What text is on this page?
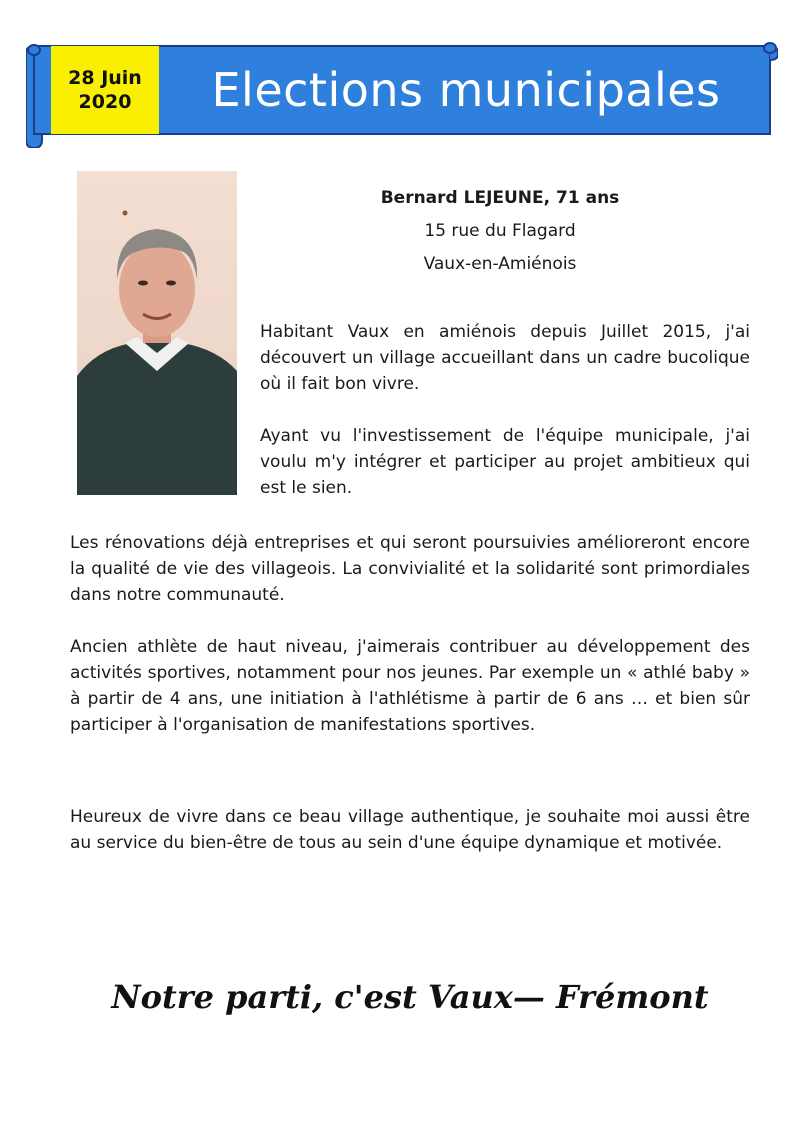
28 Juin
2020	Elections municipales
Bernard LEJEUNE, 71 ans
15 rue du Flagard
Vaux-en-Amiénois
Habitant Vaux en amiénois depuis Juillet 2015, j'ai découvert un village accueillant dans un cadre bucolique où il fait bon vivre.
Ayant vu l'investissement de l'équipe municipale, j'ai voulu m'y intégrer et participer au projet ambitieux qui est le sien.
Les rénovations déjà entreprises et qui seront poursuivies amélioreront encore la qualité de vie des villageois. La convivialité et la solidarité sont primordiales dans notre communauté.
Ancien athlète de haut niveau, j'aimerais contribuer au développement des activités sportives, notamment pour nos jeunes. Par exemple un « athlé baby » à partir de 4 ans, une initiation à l'athlétisme à partir de 6 ans … et bien sûr participer à l'organisation de manifestations sportives.
Heureux de vivre dans ce beau village authentique, je souhaite moi aussi être au service du bien-être de tous au sein d'une équipe dynamique et motivée.
Notre parti, c'est Vaux— Frémont
